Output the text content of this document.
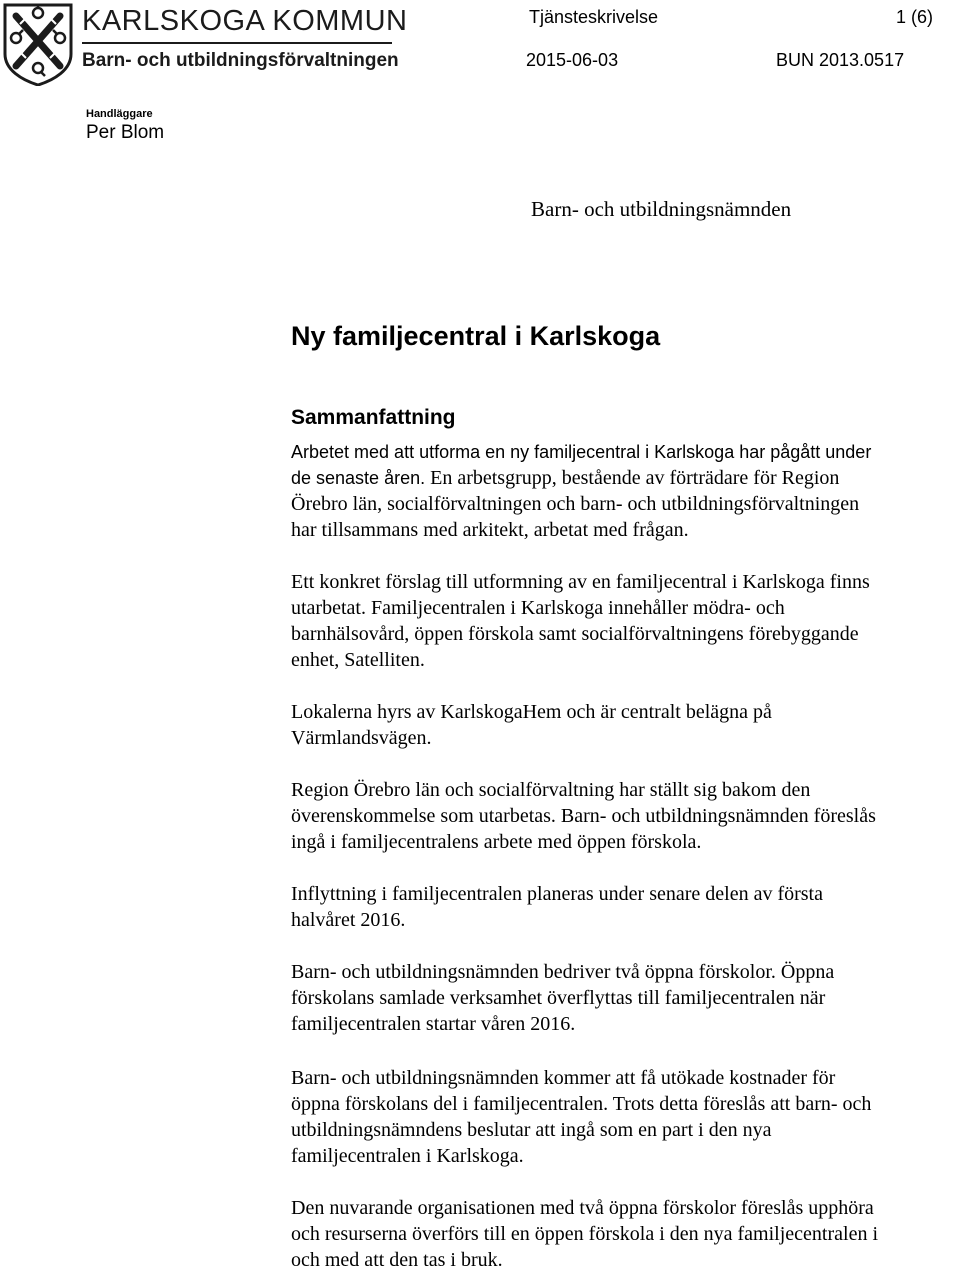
KARLSKOGA KOMMUN
Barn- och utbildningsförvaltningen
Tjänsteskrivelse	1 (6)
2015-06-03	BUN 2013.0517
Handläggare
Per Blom
Barn- och utbildningsnämnden
Ny familjecentral i Karlskoga
Sammanfattning
Arbetet med att utforma en ny familjecentral i Karlskoga har pågått under
de senaste åren. En arbetsgrupp, bestående av förträdare för Region

Örebro län, socialförvaltningen och barn- och utbildningsförvaltningen
har tillsammans med arkitekt, arbetat med frågan.
Ett konkret förslag till utformning av en familjecentral i Karlskoga finns
utarbetat. Familjecentralen i Karlskoga innehåller mödra- och
barnhälsovård, öppen förskola samt socialförvaltningens förebyggande
enhet, Satelliten.
Lokalerna hyrs av KarlskogaHem och är centralt belägna på
Värmlandsvägen.
Region Örebro län och socialförvaltning har ställt sig bakom den
överenskommelse som utarbetas. Barn- och utbildningsnämnden föreslås
ingå i familjecentralens arbete med öppen förskola.
Inflyttning i familjecentralen planeras under senare delen av första
halvåret 2016.
Barn- och utbildningsnämnden bedriver två öppna förskolor. Öppna
förskolans samlade verksamhet överflyttas till familjecentralen när
familjecentralen startar våren 2016.
Barn- och utbildningsnämnden kommer att få utökade kostnader för
öppna förskolans del i familjecentralen. Trots detta föreslås att barn- och
utbildningsnämndens beslutar att ingå som en part i den nya
familjecentralen i Karlskoga.
Den nuvarande organisationen med två öppna förskolor föreslås upphöra
och resurserna överförs till en öppen förskola i den nya familjecentralen i
och med att den tas i bruk.
